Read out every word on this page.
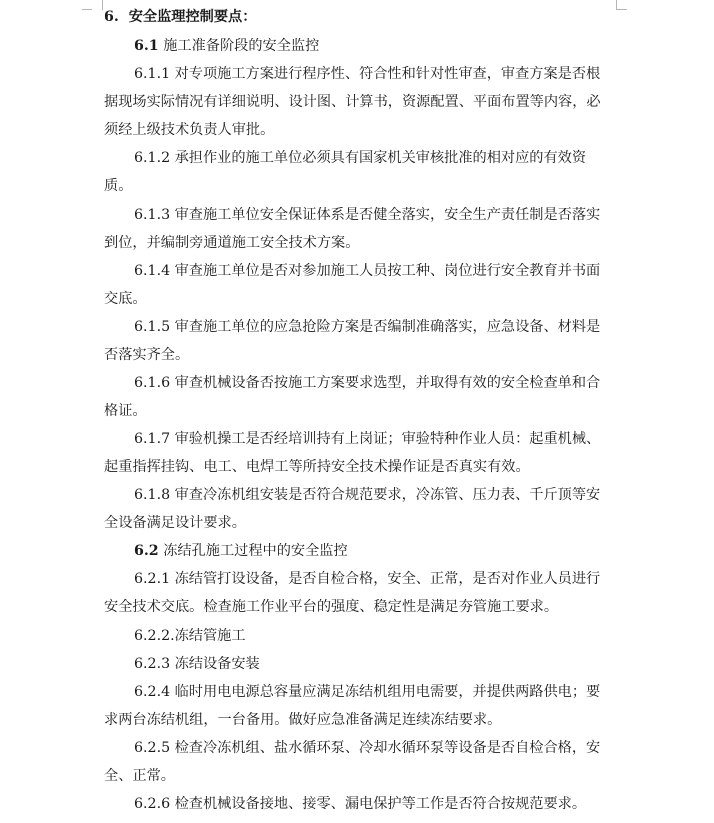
6. 安全监理控制要点：
6.1 施工准备阶段的安全监控
6.1.1 对专项施工方案进行程序性、符合性和针对性审查，审查方案是否根
据现场实际情况有详细说明、设计图、计算书，资源配置、平面布置等内容，必
须经上级技术负责人审批。
6.1.2 承担作业的施工单位必须具有国家机关审核批准的相对应的有效资
质。
6.1.3 审查施工单位安全保证体系是否健全落实，安全生产责任制是否落实
到位，并编制旁通道施工安全技术方案。
6.1.4 审查施工单位是否对参加施工人员按工种、岗位进行安全教育并书面
交底。
6.1.5 审查施工单位的应急抢险方案是否编制准确落实，应急设备、材料是
否落实齐全。
6.1.6 审查机械设备否按施工方案要求选型，并取得有效的安全检查单和合
格证。
6.1.7 审验机操工是否经培训持有上岗证；审验特种作业人员：起重机械、
起重指挥挂钩、电工、电焊工等所持安全技术操作证是否真实有效。
6.1.8 审查冷冻机组安装是否符合规范要求，冷冻管、压力表、千斤顶等安
全设备满足设计要求。
6.2 冻结孔施工过程中的安全监控
6.2.1 冻结管打设设备，是否自检合格，安全、正常，是否对作业人员进行
安全技术交底。检查施工作业平台的强度、稳定性是满足夯管施工要求。
6.2.2.冻结管施工
6.2.3 冻结设备安装
6.2.4 临时用电电源总容量应满足冻结机组用电需要，并提供两路供电；要
求两台冻结机组，一台备用。做好应急准备满足连续冻结要求。
6.2.5 检查冷冻机组、盐水循环泵、冷却水循环泵等设备是否自检合格，安
全、正常。
6.2.6 检查机械设备接地、接零、漏电保护等工作是否符合按规范要求。
